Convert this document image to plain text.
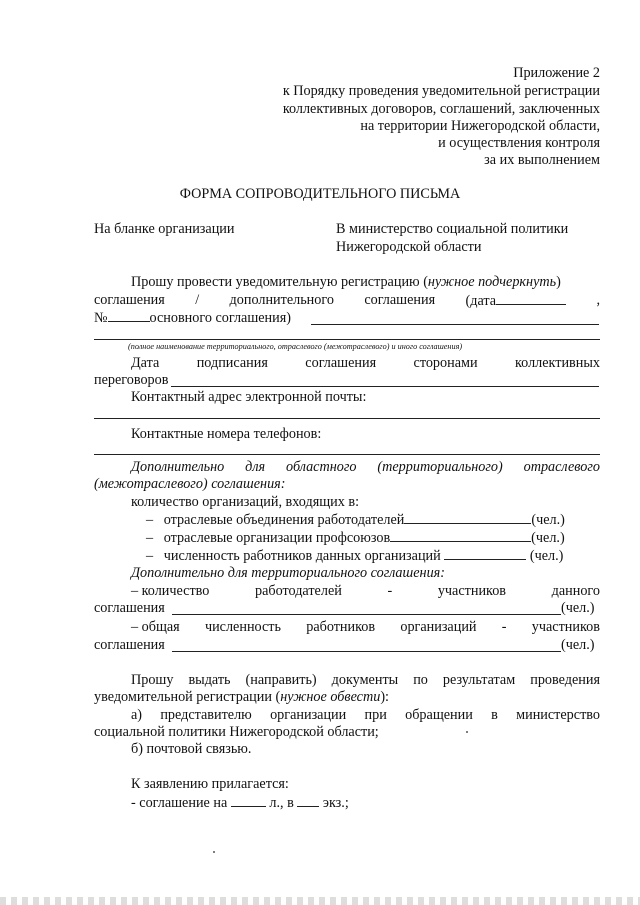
Приложение 2
к Порядку проведения уведомительной регистрации
коллективных договоров, соглашений, заключенных
на территории Нижегородской области,
и осуществления контроля
за их выполнением
ФОРМА СОПРОВОДИТЕЛЬНОГО ПИСЬМА
На бланке организации	В министерство социальной политики
Нижегородской области
Прошу провести уведомительную регистрацию (нужное подчеркнуть)
соглашения / дополнительного соглашения (дата	,
№	основного соглашения)
(полное наименование территориального, отраслевого (межотраслевого) и иного соглашения)
Дата	подписания	соглашения	сторонами	коллективных
переговоров
Контактный адрес электронной почты:
Контактные номера телефонов:
Дополнительно для областного (территориального) отраслевого
(межотраслевого) соглашения:
количество организаций, входящих в:
– отраслевые объединения работодателей	(чел.)
– отраслевые организации профсоюзов	(чел.)
– численность работников данных организаций	(чел.)
Дополнительно для территориального соглашения:
– количество	работодателей	-	участников	данного
соглашения	(чел.)
– общая численность работников организаций - участников
соглашения	(чел.)
Прошу выдать (направить) документы по результатам проведения
уведомительной регистрации (нужное обвести):
а) представителю организации при обращении в министерство
социальной политики Нижегородской области;
б) почтовой связью.
К заявлению прилагается:
- соглашение на	л., в экз.;
